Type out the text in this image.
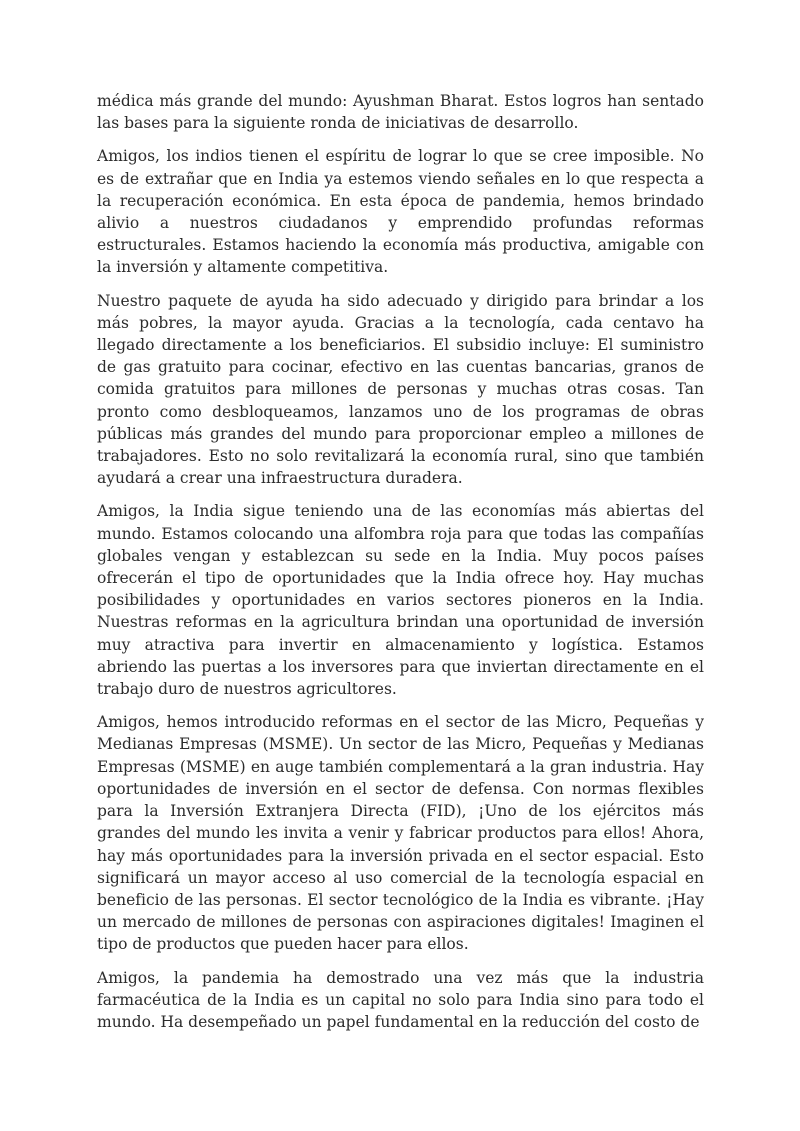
médica más grande del mundo: Ayushman Bharat. Estos logros han sentado las bases para la siguiente ronda de iniciativas de desarrollo.

Amigos, los indios tienen el espíritu de lograr lo que se cree imposible. No es de extrañar que en India ya estemos viendo señales en lo que respecta a la recuperación económica. En esta época de pandemia, hemos brindado alivio a nuestros ciudadanos y emprendido profundas reformas estructurales. Estamos haciendo la economía más productiva, amigable con la inversión y altamente competitiva.

Nuestro paquete de ayuda ha sido adecuado y dirigido para brindar a los más pobres, la mayor ayuda. Gracias a la tecnología, cada centavo ha llegado directamente a los beneficiarios. El subsidio incluye: El suministro de gas gratuito para cocinar, efectivo en las cuentas bancarias, granos de comida gratuitos para millones de personas y muchas otras cosas. Tan pronto como desbloqueamos, lanzamos uno de los programas de obras públicas más grandes del mundo para proporcionar empleo a millones de trabajadores. Esto no solo revitalizará la economía rural, sino que también ayudará a crear una infraestructura duradera.

Amigos, la India sigue teniendo una de las economías más abiertas del mundo. Estamos colocando una alfombra roja para que todas las compañías globales vengan y establezcan su sede en la India. Muy pocos países ofrecerán el tipo de oportunidades que la India ofrece hoy. Hay muchas posibilidades y oportunidades en varios sectores pioneros en la India. Nuestras reformas en la agricultura brindan una oportunidad de inversión muy atractiva para invertir en almacenamiento y logística. Estamos abriendo las puertas a los inversores para que inviertan directamente en el trabajo duro de nuestros agricultores.

Amigos, hemos introducido reformas en el sector de las Micro, Pequeñas y Medianas Empresas (MSME). Un sector de las Micro, Pequeñas y Medianas Empresas (MSME) en auge también complementará a la gran industria. Hay oportunidades de inversión en el sector de defensa. Con normas flexibles para la Inversión Extranjera Directa (FID), ¡Uno de los ejércitos más grandes del mundo les invita a venir y fabricar productos para ellos! Ahora, hay más oportunidades para la inversión privada en el sector espacial. Esto significará un mayor acceso al uso comercial de la tecnología espacial en beneficio de las personas. El sector tecnológico de la India es vibrante. ¡Hay un mercado de millones de personas con aspiraciones digitales! Imaginen el tipo de productos que pueden hacer para ellos.

Amigos, la pandemia ha demostrado una vez más que la industria farmacéutica de la India es un capital no solo para India sino para todo el mundo. Ha desempeñado un papel fundamental en la reducción del costo de
